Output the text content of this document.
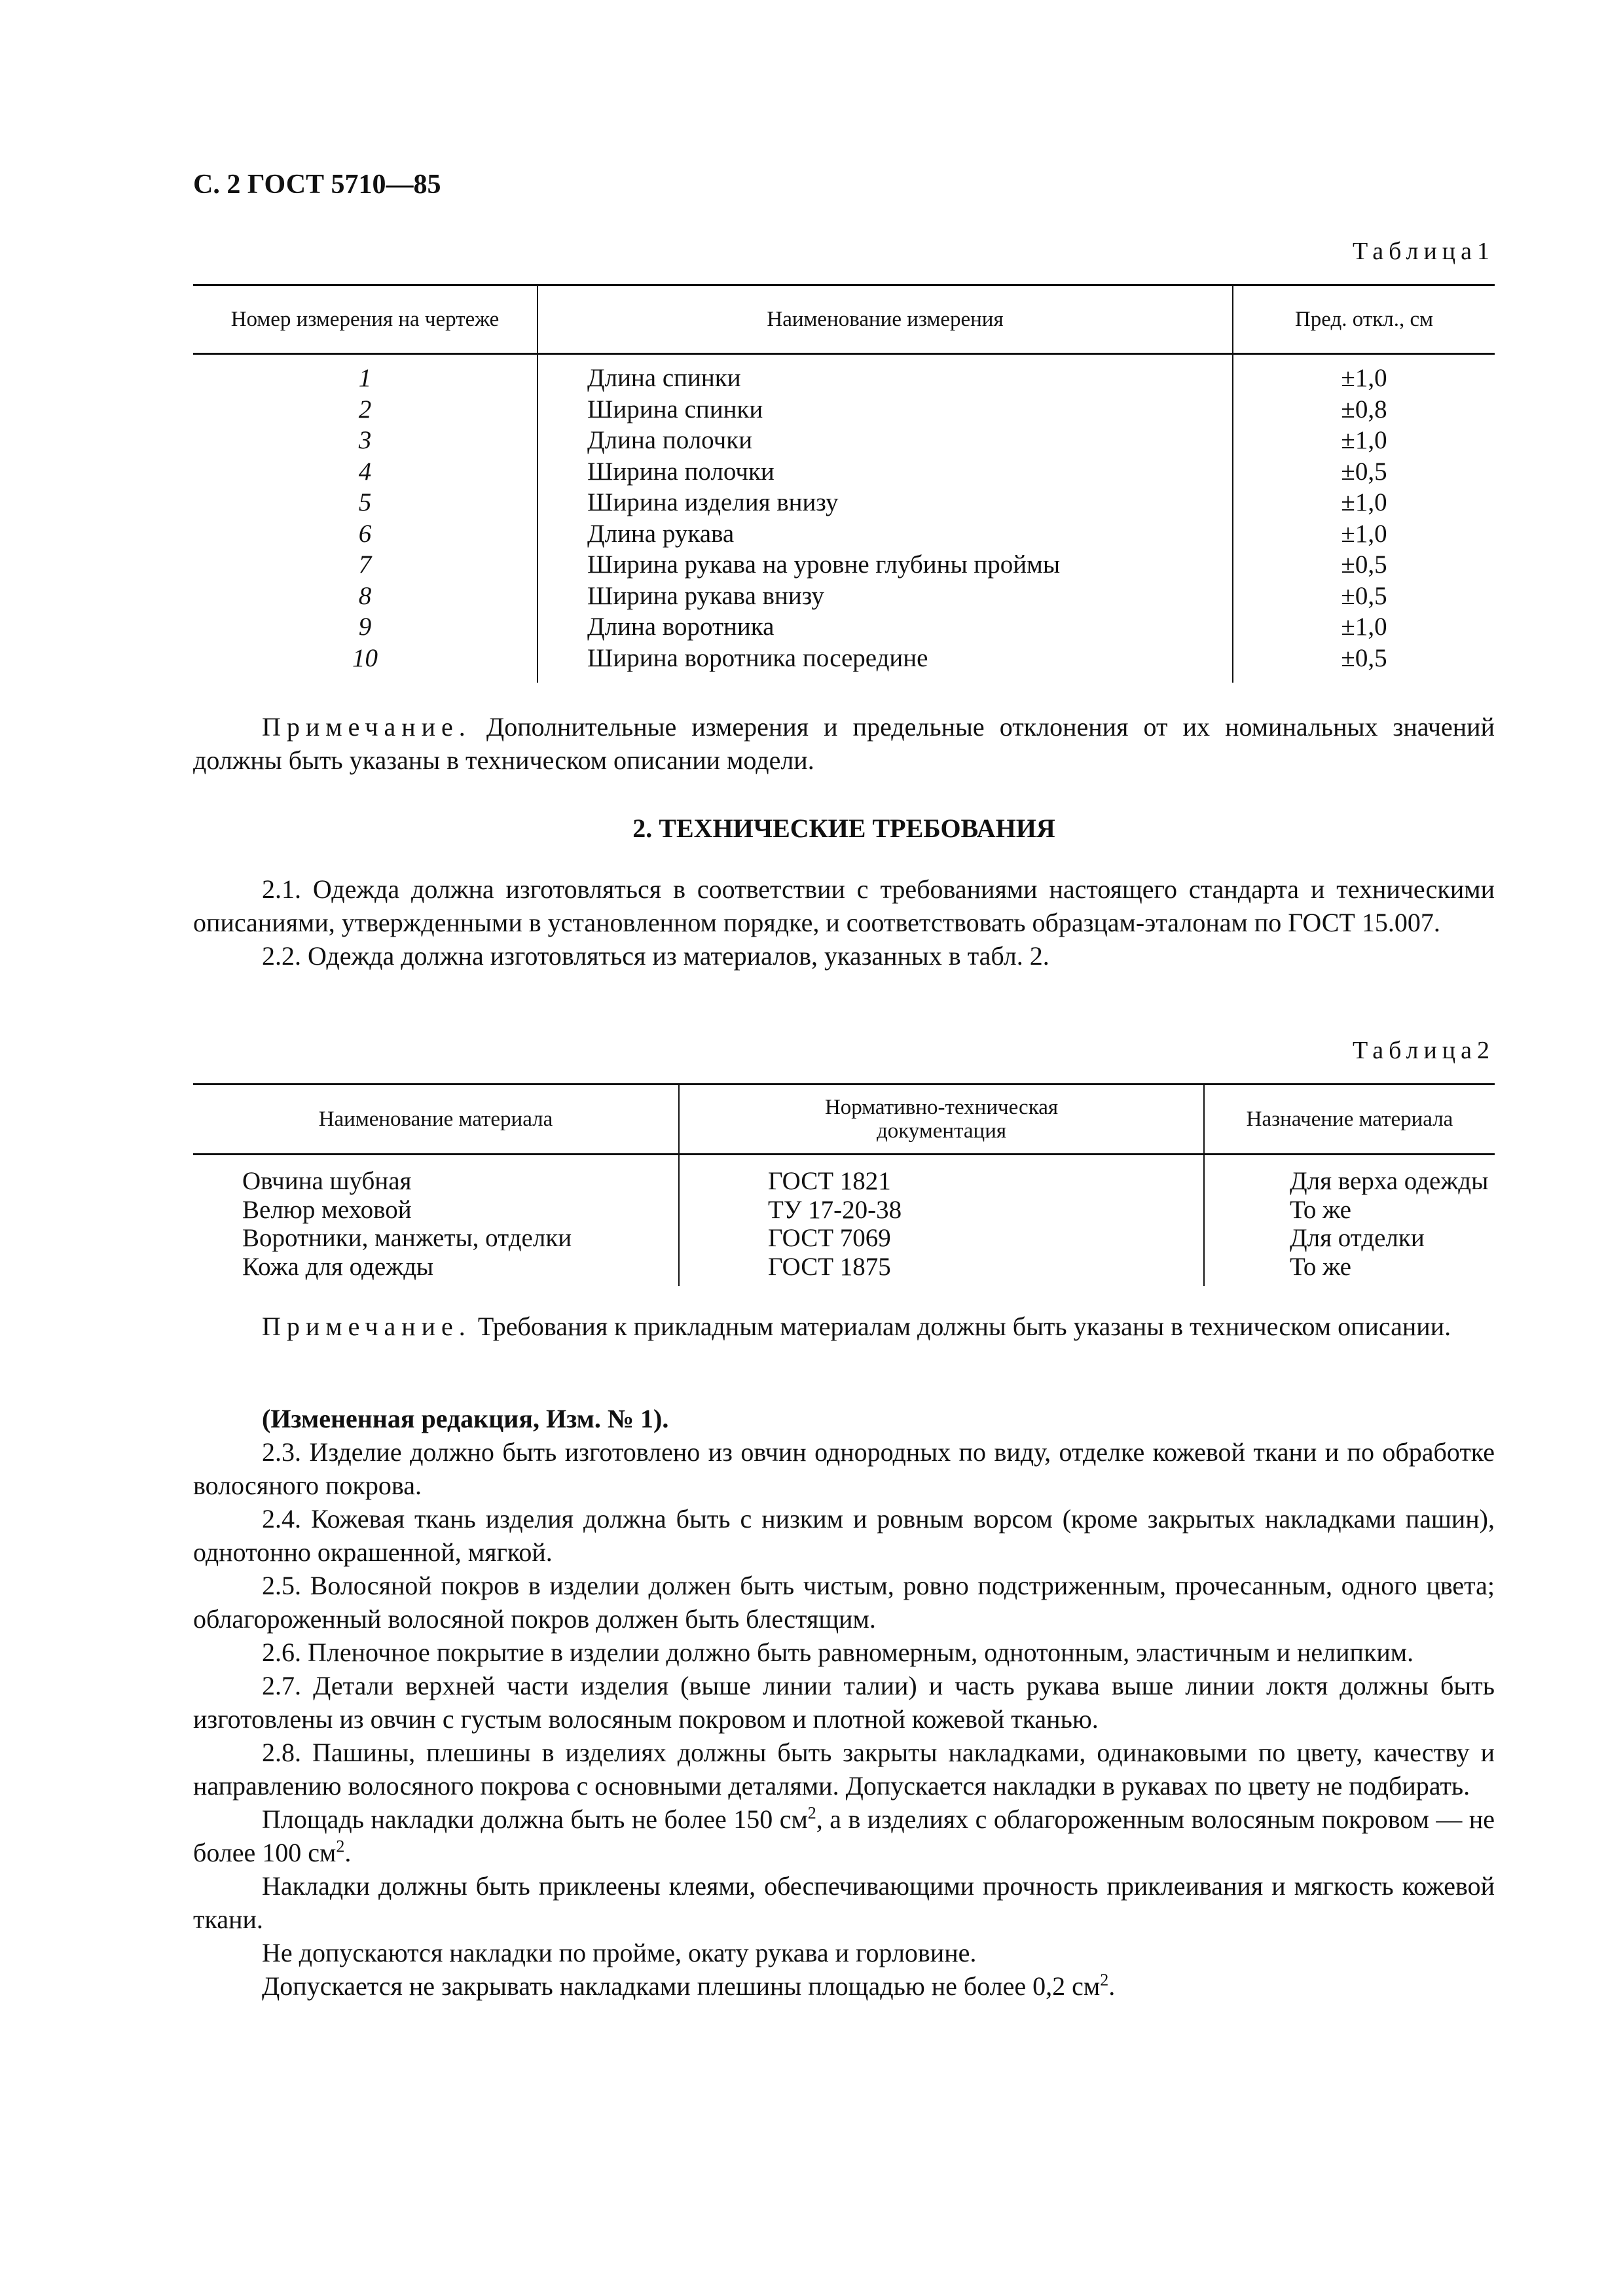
С. 2 ГОСТ 5710—85
Таблица1
Номер измерения на чертеже	Наименование измерения	Пред. откл., см
1	Длина спинки	±1,0
2	Ширина спинки	±0,8
3	Длина полочки	±1,0
4	Ширина полочки	±0,5
5	Ширина изделия внизу	±1,0
6	Длина рукава	±1,0
7	Ширина рукава на уровне глубины проймы	±0,5
8	Ширина рукава внизу	±0,5
9	Длина воротника	±1,0
10	Ширина воротника посередине	±0,5

Примечание. Дополнительные измерения и предельные отклонения от их номинальных значений должны быть указаны в техническом описании модели.

2. ТЕХНИЧЕСКИЕ ТРЕБОВАНИЯ

2.1. Одежда должна изготовляться в соответствии с требованиями настоящего стандарта и техническими описаниями, утвержденными в установленном порядке, и соответствовать образцам-эталонам по ГОСТ 15.007.

2.2. Одежда должна изготовляться из материалов, указанных в табл. 2.

Таблица2
Наименование материала	Нормативно-техническая документация	Назначение материала
Овчина шубная	ГОСТ 1821	Для верха одежды
Велюр меховой	ТУ 17-20-38	То же
Воротники, манжеты, отделки	ГОСТ 7069	Для отделки
Кожа для одежды	ГОСТ 1875	То же

Примечание. Требования к прикладным материалам должны быть указаны в техническом описании.

(Измененная редакция, Изм. № 1).

2.3. Изделие должно быть изготовлено из овчин однородных по виду, отделке кожевой ткани и по обработке волосяного покрова.

2.4. Кожевая ткань изделия должна быть с низким и ровным ворсом (кроме закрытых накладками пашин), однотонно окрашенной, мягкой.

2.5. Волосяной покров в изделии должен быть чистым, ровно подстриженным, прочесанным, одного цвета; облагороженный волосяной покров должен быть блестящим.

2.6. Пленочное покрытие в изделии должно быть равномерным, однотонным, эластичным и нелипким.

2.7. Детали верхней части изделия (выше линии талии) и часть рукава выше линии локтя должны быть изготовлены из овчин с густым волосяным покровом и плотной кожевой тканью.

2.8. Пашины, плешины в изделиях должны быть закрыты накладками, одинаковыми по цвету, качеству и направлению волосяного покрова с основными деталями. Допускается накладки в рукавах по цвету не подбирать.

Площадь накладки должна быть не более 150 $см^2$, а в изделиях с облагороженным волосяным покровом — не более 100 $см^2$.

Накладки должны быть приклеены клеями, обеспечивающими прочность приклеивания и мягкость кожевой ткани.

Не допускаются накладки по пройме, окату рукава и горловине.

Допускается не закрывать накладками плешины площадью не более 0,2 $см^2$.
